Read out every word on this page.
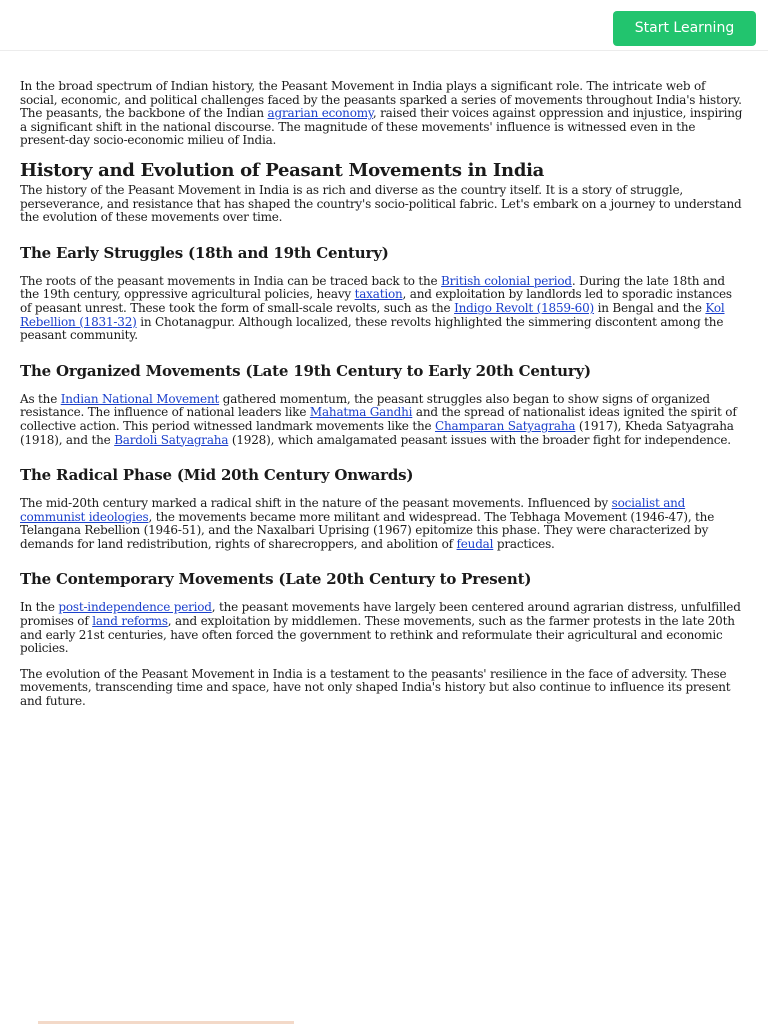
Start Learning

In the broad spectrum of Indian history, the Peasant Movement in India plays a significant role. The intricate web of social, economic, and political challenges faced by the peasants sparked a series of movements throughout India's history. The peasants, the backbone of the Indian agrarian economy, raised their voices against oppression and injustice, inspiring a significant shift in the national discourse. The magnitude of these movements' influence is witnessed even in the present-day socio-economic milieu of India.

History and Evolution of Peasant Movements in India

The history of the Peasant Movement in India is as rich and diverse as the country itself. It is a story of struggle, perseverance, and resistance that has shaped the country's socio-political fabric. Let's embark on a journey to understand the evolution of these movements over time.

The Early Struggles (18th and 19th Century)

The roots of the peasant movements in India can be traced back to the British colonial period. During the late 18th and the 19th century, oppressive agricultural policies, heavy taxation, and exploitation by landlords led to sporadic instances of peasant unrest. These took the form of small-scale revolts, such as the Indigo Revolt (1859-60) in Bengal and the Kol Rebellion (1831-32) in Chotanagpur. Although localized, these revolts highlighted the simmering discontent among the peasant community.

The Organized Movements (Late 19th Century to Early 20th Century)

As the Indian National Movement gathered momentum, the peasant struggles also began to show signs of organized resistance. The influence of national leaders like Mahatma Gandhi and the spread of nationalist ideas ignited the spirit of collective action. This period witnessed landmark movements like the Champaran Satyagraha (1917), Kheda Satyagraha (1918), and the Bardoli Satyagraha (1928), which amalgamated peasant issues with the broader fight for independence.

The Radical Phase (Mid 20th Century Onwards)

The mid-20th century marked a radical shift in the nature of the peasant movements. Influenced by socialist and communist ideologies, the movements became more militant and widespread. The Tebhaga Movement (1946-47), the Telangana Rebellion (1946-51), and the Naxalbari Uprising (1967) epitomize this phase. They were characterized by demands for land redistribution, rights of sharecroppers, and abolition of feudal practices.

The Contemporary Movements (Late 20th Century to Present)

In the post-independence period, the peasant movements have largely been centered around agrarian distress, unfulfilled promises of land reforms, and exploitation by middlemen. These movements, such as the farmer protests in the late 20th and early 21st centuries, have often forced the government to rethink and reformulate their agricultural and economic policies.

The evolution of the Peasant Movement in India is a testament to the peasants' resilience in the face of adversity. These movements, transcending time and space, have not only shaped India's history but also continue to influence its present and future.
